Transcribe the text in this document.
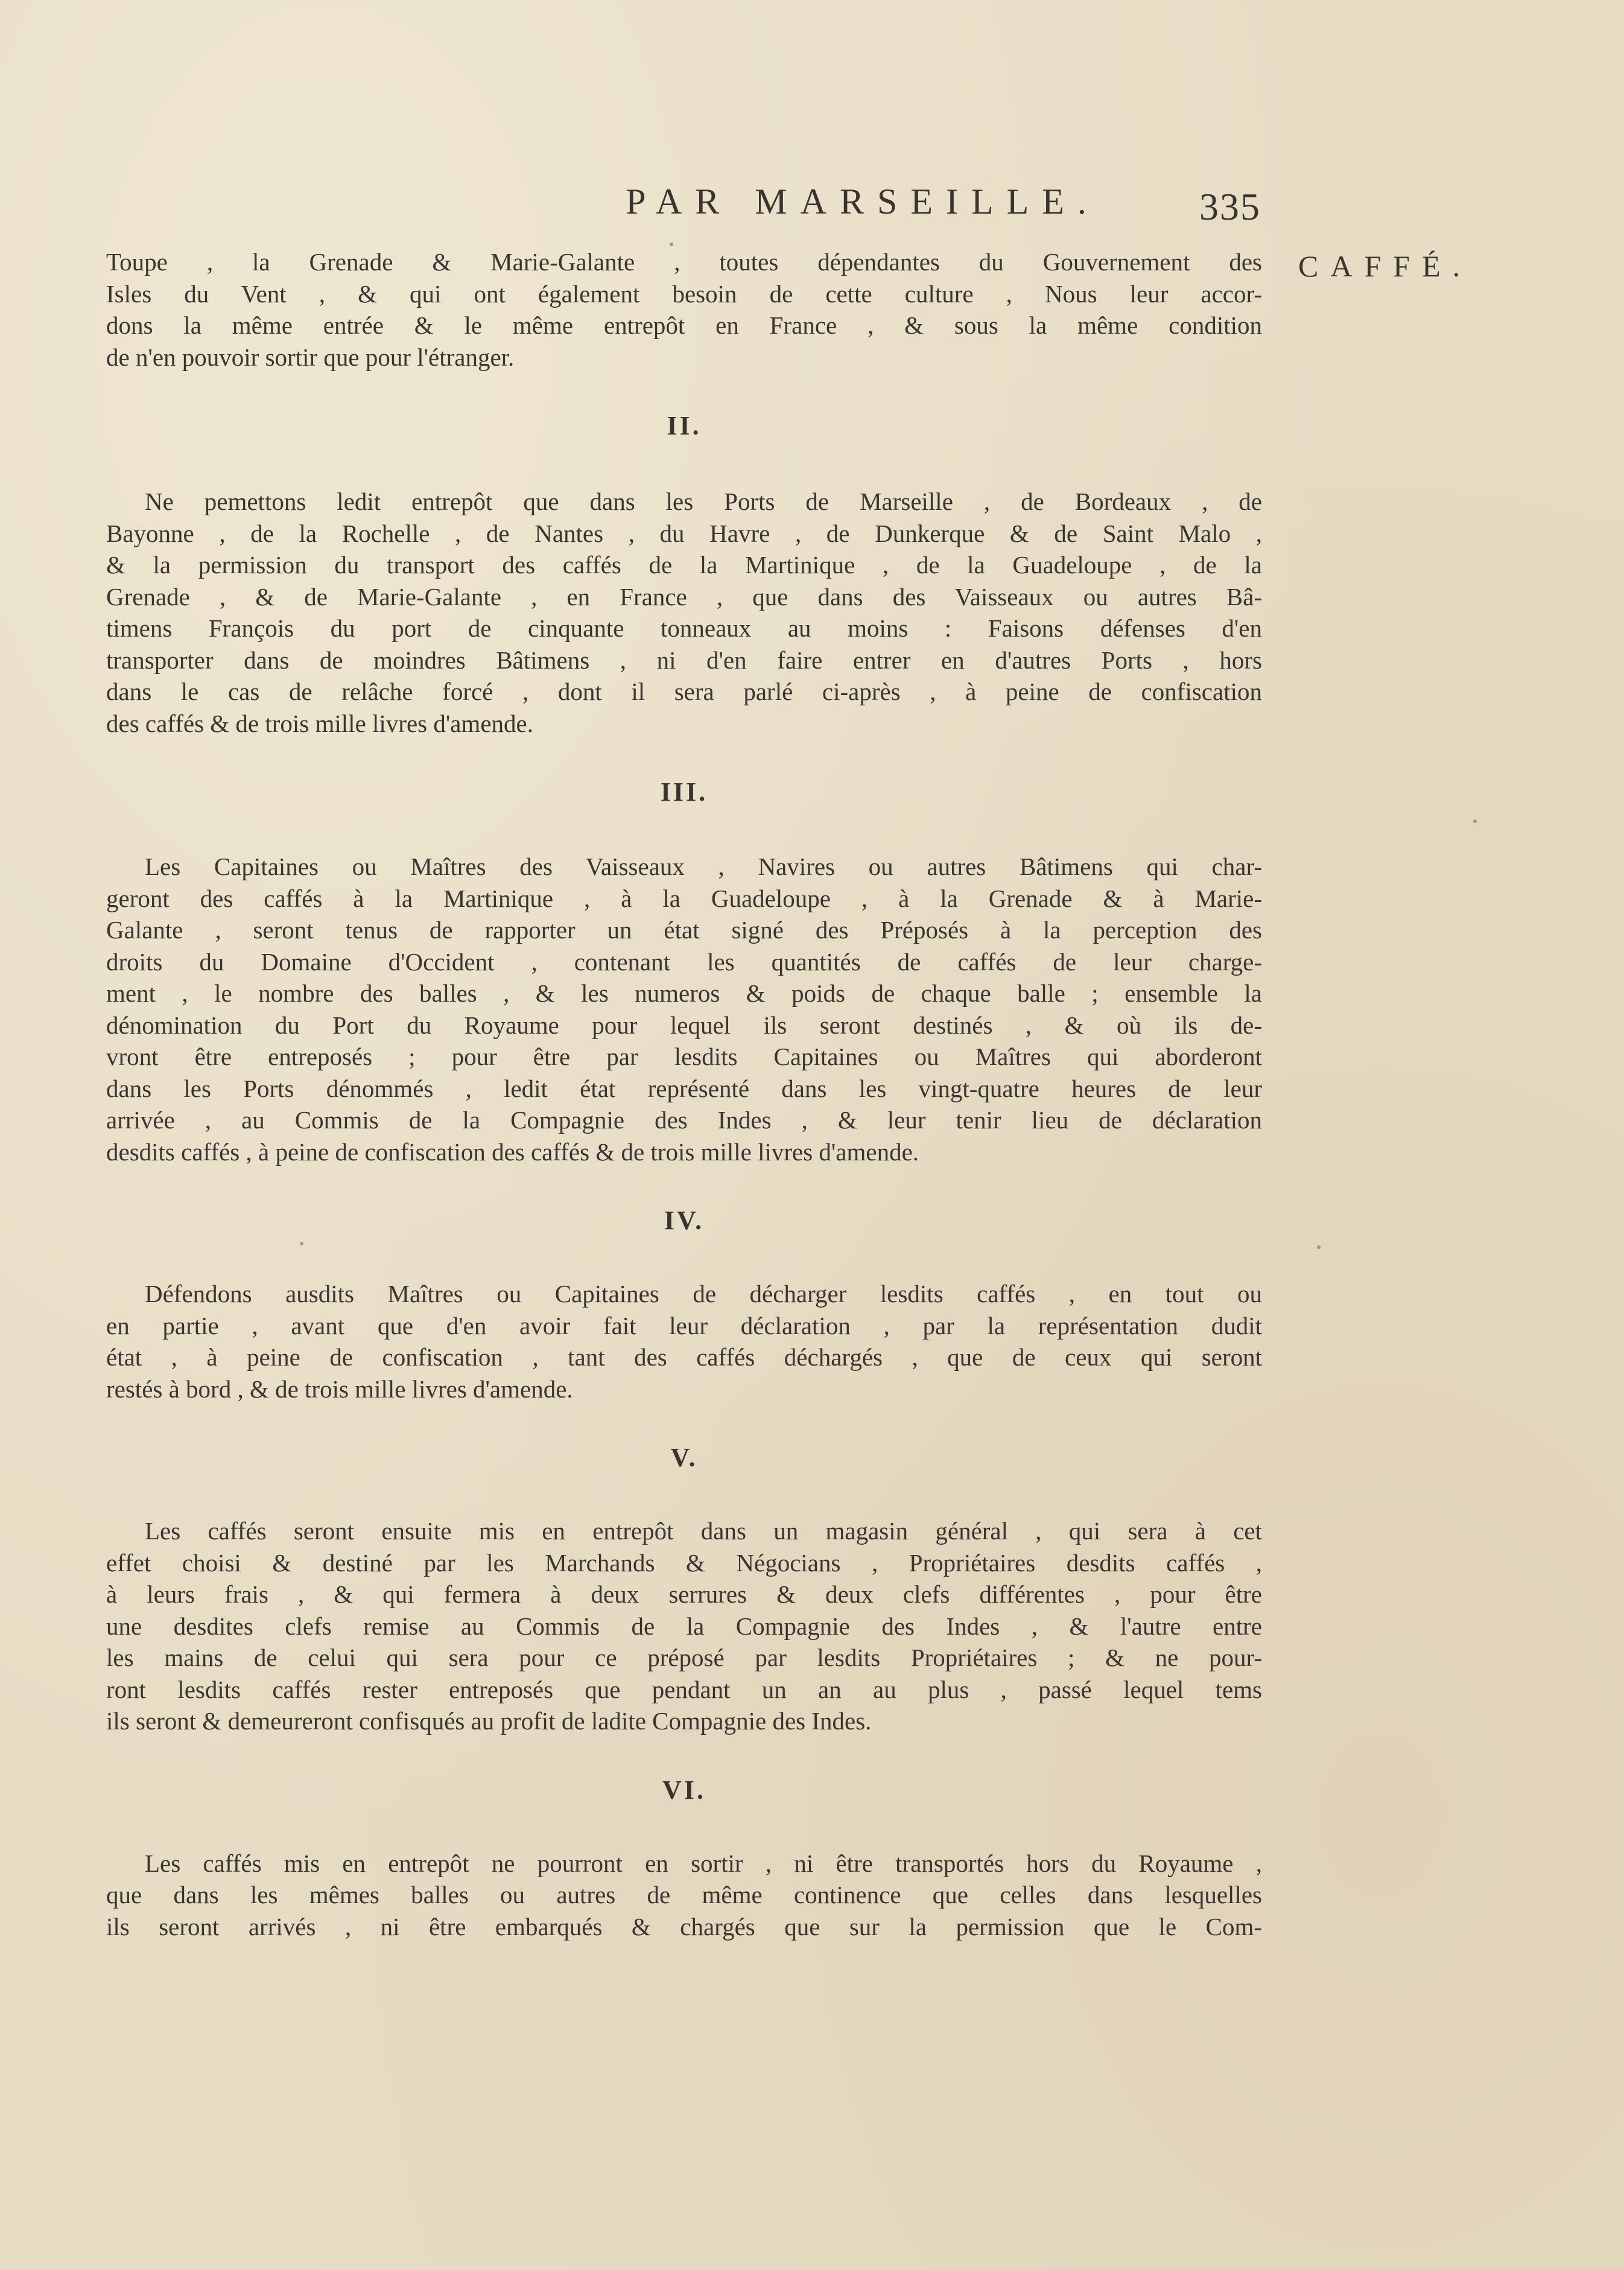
PAR MARSEILLE.	335
CAFFÉ.

Toupe , la Grenade & Marie-Galante , toutes dépendantes du Gouvernement des
Isles du Vent , & qui ont également besoin de cette culture , Nous leur accor-
dons la même entrée & le même entrepôt en France , & sous la même condition
de n'en pouvoir sortir que pour l'étranger.

II.

Ne pemettons ledit entrepôt que dans les Ports de Marseille , de Bordeaux , de
Bayonne , de la Rochelle , de Nantes , du Havre , de Dunkerque & de Saint Malo ,
& la permission du transport des caffés de la Martinique , de la Guadeloupe , de la
Grenade , & de Marie-Galante , en France , que dans des Vaisseaux ou autres Bâ-
timens François du port de cinquante tonneaux au moins : Faisons défenses d'en
transporter dans de moindres Bâtimens , ni d'en faire entrer en d'autres Ports , hors
dans le cas de relâche forcé , dont il sera parlé ci-après , à peine de confiscation
des caffés & de trois mille livres d'amende.

III.

Les Capitaines ou Maîtres des Vaisseaux , Navires ou autres Bâtimens qui char-
geront des caffés à la Martinique , à la Guadeloupe , à la Grenade & à Marie-
Galante , seront tenus de rapporter un état signé des Préposés à la perception des
droits du Domaine d'Occident , contenant les quantités de caffés de leur charge-
ment , le nombre des balles , & les numeros & poids de chaque balle ; ensemble la
dénomination du Port du Royaume pour lequel ils seront destinés , & où ils de-
vront être entreposés ; pour être par lesdits Capitaines ou Maîtres qui aborderont
dans les Ports dénommés , ledit état représenté dans les vingt-quatre heures de leur
arrivée , au Commis de la Compagnie des Indes , & leur tenir lieu de déclaration
desdits caffés , à peine de confiscation des caffés & de trois mille livres d'amende.

IV.

Défendons ausdits Maîtres ou Capitaines de décharger lesdits caffés , en tout ou
en partie , avant que d'en avoir fait leur déclaration , par la représentation dudit
état , à peine de confiscation , tant des caffés déchargés , que de ceux qui seront
restés à bord , & de trois mille livres d'amende.

V.

Les caffés seront ensuite mis en entrepôt dans un magasin général , qui sera à cet
effet choisi & destiné par les Marchands & Négocians , Propriétaires desdits caffés ,
à leurs frais , & qui fermera à deux serrures & deux clefs différentes , pour être
une desdites clefs remise au Commis de la Compagnie des Indes , & l'autre entre
les mains de celui qui sera pour ce préposé par lesdits Propriétaires ; & ne pour-
ront lesdits caffés rester entreposés que pendant un an au plus , passé lequel tems
ils seront & demeureront confisqués au profit de ladite Compagnie des Indes.

VI.

Les caffés mis en entrepôt ne pourront en sortir , ni être transportés hors du Royaume ,
que dans les mêmes balles ou autres de même continence que celles dans lesquelles
ils seront arrivés , ni être embarqués & chargés que sur la permission que le Com-
